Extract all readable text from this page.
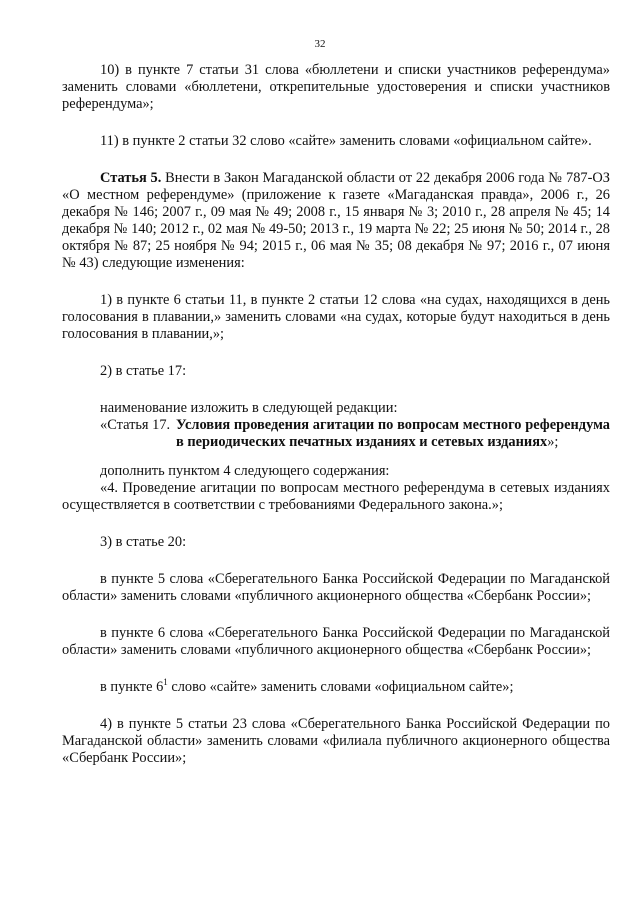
32

10) в пункте 7 статьи 31 слова «бюллетени и списки участников референдума» заменить словами «бюллетени, открепительные удостоверения и списки участников референдума»;

11) в пункте 2 статьи 32 слово «сайте» заменить словами «официальном сайте».

Статья 5. Внести в Закон Магаданской области от 22 декабря 2006 года № 787-ОЗ «О местном референдуме» (приложение к газете «Магаданская правда», 2006 г., 26 декабря № 146; 2007 г., 09 мая № 49; 2008 г., 15 января № 3; 2010 г., 28 апреля № 45; 14 декабря № 140; 2012 г., 02 мая № 49-50; 2013 г., 19 марта № 22; 25 июня № 50; 2014 г., 28 октября № 87; 25 ноября № 94; 2015 г., 06 мая № 35; 08 декабря № 97; 2016 г., 07 июня № 43) следующие изменения:

1) в пункте 6 статьи 11, в пункте 2 статьи 12 слова «на судах, находящихся в день голосования в плавании,» заменить словами «на судах, которые будут находиться в день голосования в плавании,»;

2) в статье 17:

наименование изложить в следующей редакции:

«Статья 17. Условия проведения агитации по вопросам местного референдума в периодических печатных изданиях и сетевых изданиях»;

дополнить пунктом 4 следующего содержания:

«4. Проведение агитации по вопросам местного референдума в сетевых изданиях осуществляется в соответствии с требованиями Федерального закона.»;

3) в статье 20:

в пункте 5 слова «Сберегательного Банка Российской Федерации по Магаданской области» заменить словами «публичного акционерного общества «Сбербанк России»;

в пункте 6 слова «Сберегательного Банка Российской Федерации по Магаданской области» заменить словами «публичного акционерного общества «Сбербанк России»;

в пункте $6^1$ слово «сайте» заменить словами «официальном сайте»;

4) в пункте 5 статьи 23 слова «Сберегательного Банка Российской Федерации по Магаданской области» заменить словами «филиала публичного акционерного общества «Сбербанк России»;
